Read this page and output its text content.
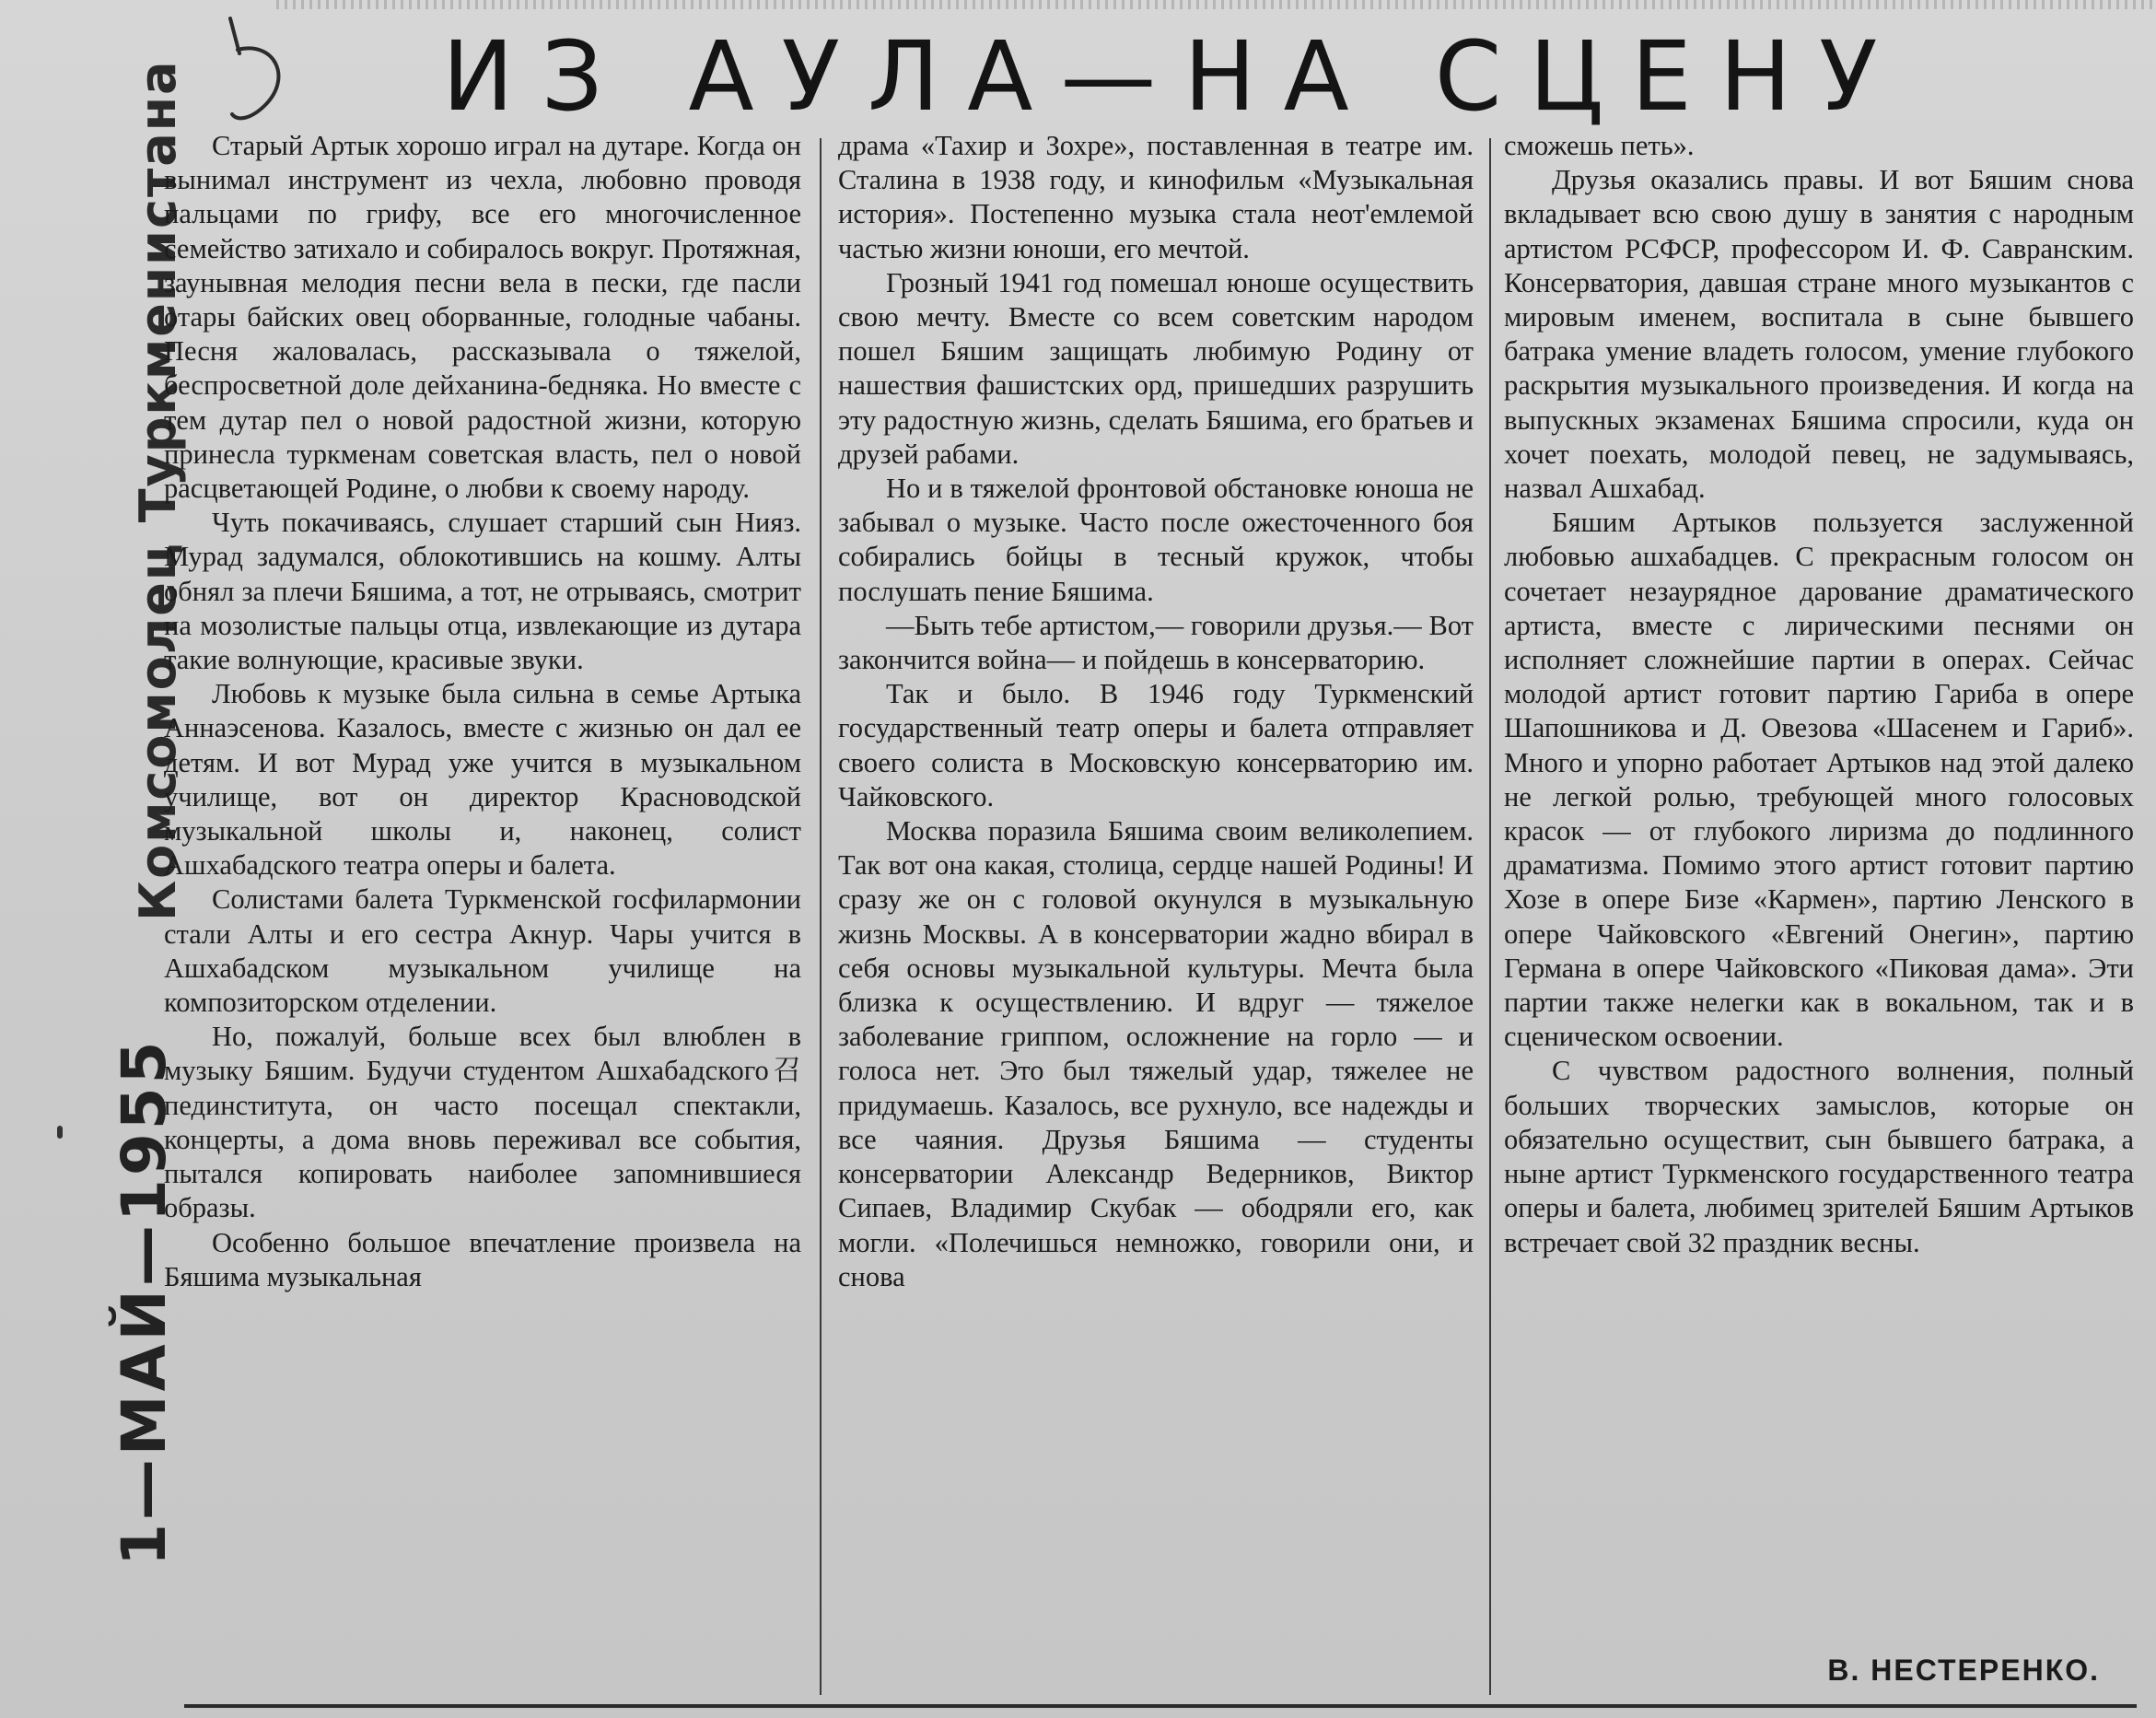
ИЗ АУЛА—НА СЦЕНУ
Комсомолец Туркменистана
1—МАЙ—1955

Старый Артык хорошо играл на дутаре. Когда он вынимал инструмент из чехла, любовно проводя пальцами по грифу, все его многочисленное семейство затихало и собиралось вокруг. Протяжная, заунывная мелодия песни вела в пески, где пасли отары байских овец оборванные, голодные чабаны. Песня жаловалась, рассказывала о тяжелой, беспросветной доле дейханина-бедняка. Но вместе с тем дутар пел о новой радостной жизни, которую принесла туркменам советская власть, пел о новой расцветающей Родине, о любви к своему народу.

Чуть покачиваясь, слушает старший сын Нияз. Мурад задумался, облокотившись на кошму. Алты обнял за плечи Бяшима, а тот, не отрываясь, смотрит на мозолистые пальцы отца, извлекающие из дутара такие волнующие, красивые звуки.

Любовь к музыке была сильна в семье Артыка Аннаэсенова. Казалось, вместе с жизнью он дал ее детям. И вот Мурад уже учится в музыкальном училище, вот он директор Красноводской музыкальной школы и, наконец, солист Ашхабадского театра оперы и балета.

Солистами балета Туркменской госфилармонии стали Алты и его сестра Акнур. Чары учится в Ашхабадском музыкальном училище на композиторском отделении.

Но, пожалуй, больше всех был влюблен в музыку Бяшим. Будучи студентом Ашхабадского召 пединститута, он часто посещал спектакли, концерты, а дома вновь переживал все события, пытался копировать наиболее запомнившиеся образы.

Особенно большое впечатление произвела на Бяшима музыкальная

драма «Тахир и Зохре», поставленная в театре им. Сталина в 1938 году, и кинофильм «Музыкальная история». Постепенно музыка стала неот'емлемой частью жизни юноши, его мечтой.

Грозный 1941 год помешал юноше осуществить свою мечту. Вместе со всем советским народом пошел Бяшим защищать любимую Родину от нашествия фашистских орд, пришедших разрушить эту радостную жизнь, сделать Бяшима, его братьев и друзей рабами.

Но и в тяжелой фронтовой обстановке юноша не забывал о музыке. Часто после ожесточенного боя собирались бойцы в тесный кружок, чтобы послушать пение Бяшима.

—Быть тебе артистом,— говорили друзья.— Вот закончится война— и пойдешь в консерваторию.

Так и было. В 1946 году Туркменский государственный театр оперы и балета отправляет своего солиста в Московскую консерваторию им. Чайковского.

Москва поразила Бяшима своим великолепием. Так вот она какая, столица, сердце нашей Родины! И сразу же он с головой окунулся в музыкальную жизнь Москвы. А в консерватории жадно вбирал в себя основы музыкальной культуры. Мечта была близка к осуществлению. И вдруг — тяжелое заболевание гриппом, осложнение на горло — и голоса нет. Это был тяжелый удар, тяжелее не придумаешь. Казалось, все рухнуло, все надежды и все чаяния. Друзья Бяшима — студенты консерватории Александр Ведерников, Виктор Сипаев, Владимир Скубак — ободряли его, как могли. «Полечишься немножко, говорили они, и снова

сможешь петь».

Друзья оказались правы. И вот Бяшим снова вкладывает всю свою душу в занятия с народным артистом РСФСР, профессором И. Ф. Савранским. Консерватория, давшая стране много музыкантов с мировым именем, воспитала в сыне бывшего батрака умение владеть голосом, умение глубокого раскрытия музыкального произведения. И когда на выпускных экзаменах Бяшима спросили, куда он хочет поехать, молодой певец, не задумываясь, назвал Ашхабад.

Бяшим Артыков пользуется заслуженной любовью ашхабадцев. С прекрасным голосом он сочетает незаурядное дарование драматического артиста, вместе с лирическими песнями он исполняет сложнейшие партии в операх. Сейчас молодой артист готовит партию Гариба в опере Шапошникова и Д. Овезова «Шасенем и Гариб». Много и упорно работает Артыков над этой далеко не легкой ролью, требующей много голосовых красок — от глубокого лиризма до подлинного драматизма. Помимо этого артист готовит партию Хозе в опере Бизе «Кармен», партию Ленского в опере Чайковского «Евгений Онегин», партию Германа в опере Чайковского «Пиковая дама». Эти партии также нелегки как в вокальном, так и в сценическом освоении.

С чувством радостного волнения, полный больших творческих замыслов, которые он обязательно осуществит, сын бывшего батрака, а ныне артист Туркменского государственного театра оперы и балета, любимец зрителей Бяшим Артыков встречает свой 32 праздник весны.

В. НЕСТЕРЕНКО.
